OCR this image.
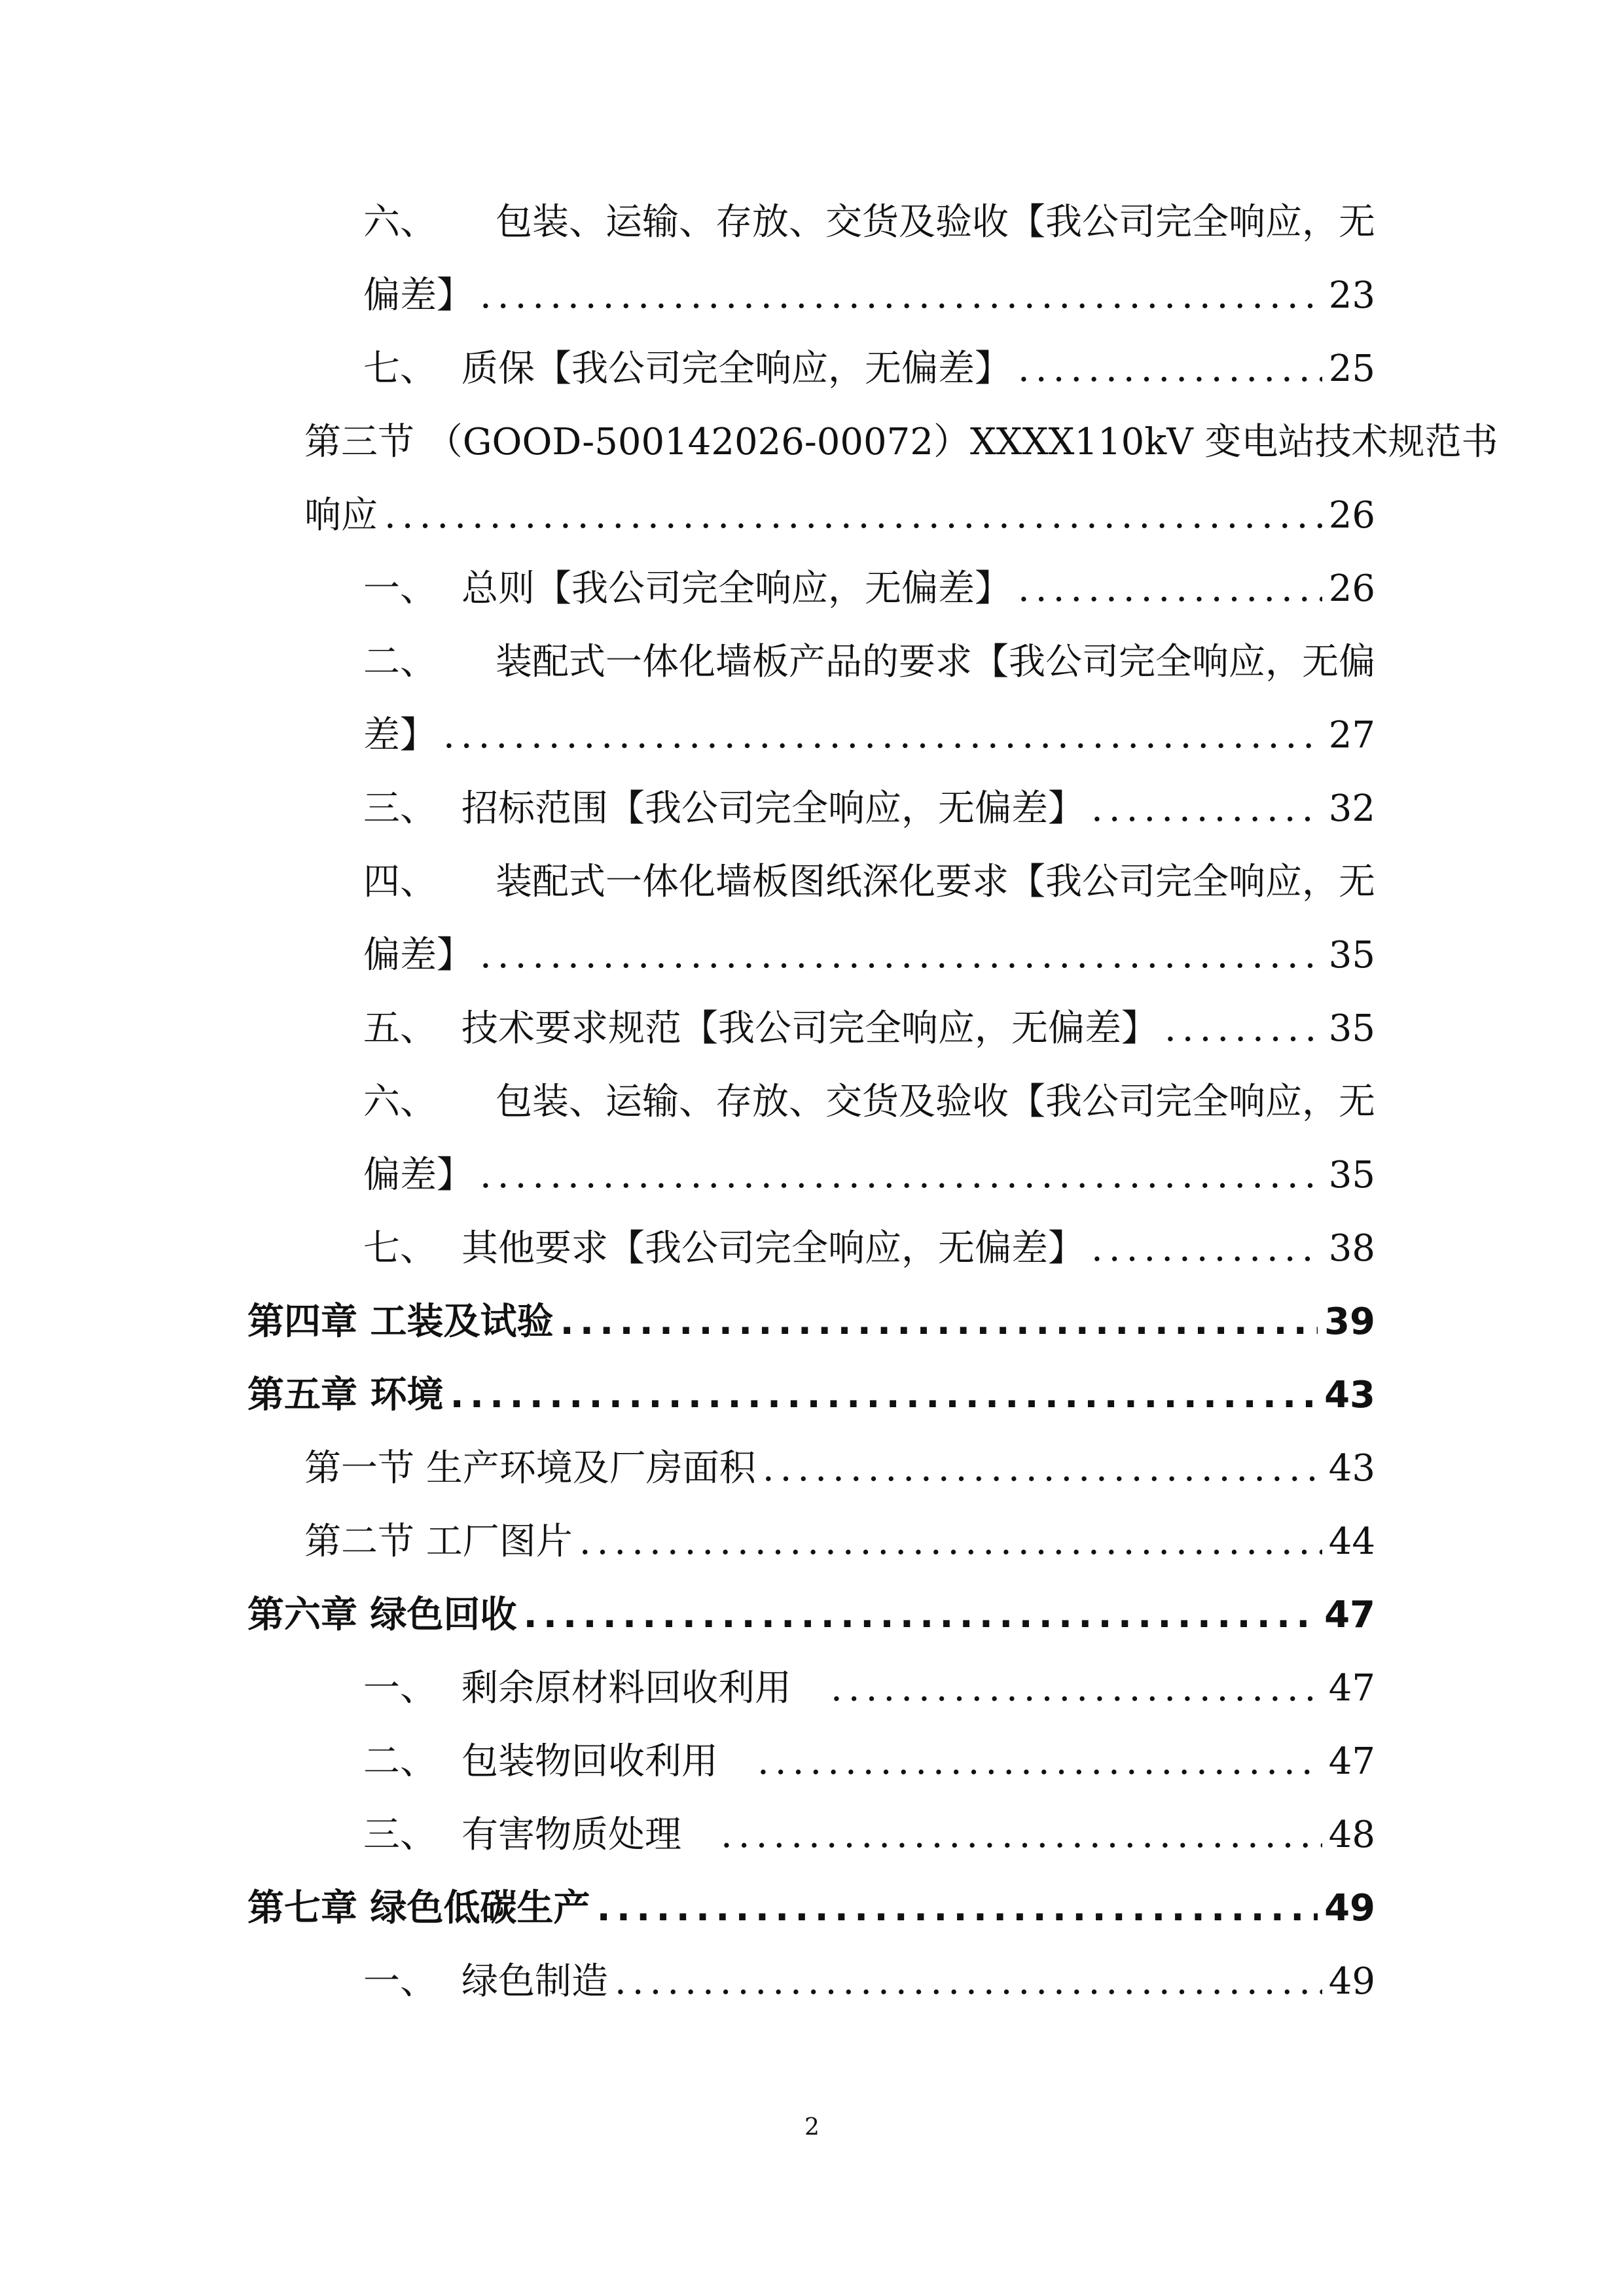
六、 包装、运输、存放、交货及验收【我公司完全响应，无
偏差】 .....	23
七、 质保【我公司完全响应，无偏差】 .....	25
第三节 （GOOD-500142026-00072）XXXX110kV 变电站技术规范书
响应 .....	26
一、 总则【我公司完全响应，无偏差】 .....	26
二、 装配式一体化墙板产品的要求【我公司完全响应，无偏
差】 .....	27
三、 招标范围【我公司完全响应，无偏差】 .....	32
四、 装配式一体化墙板图纸深化要求【我公司完全响应，无
偏差】 .....	35
五、 技术要求规范【我公司完全响应，无偏差】 .....	35
六、 包装、运输、存放、交货及验收【我公司完全响应，无
偏差】 .....	35
七、 其他要求【我公司完全响应，无偏差】 .....	38
第四章 工装及试验 .....	39
第五章 环境 .....	43
第一节 生产环境及厂房面积 .....	43
第二节 工厂图片 .....	44
第六章 绿色回收 .....	47
一、 剩余原材料回收利用 .....	47
二、 包装物回收利用 .....	47
三、 有害物质处理 .....	48
第七章 绿色低碳生产 .....	49
一、 绿色制造 .....	49
2
